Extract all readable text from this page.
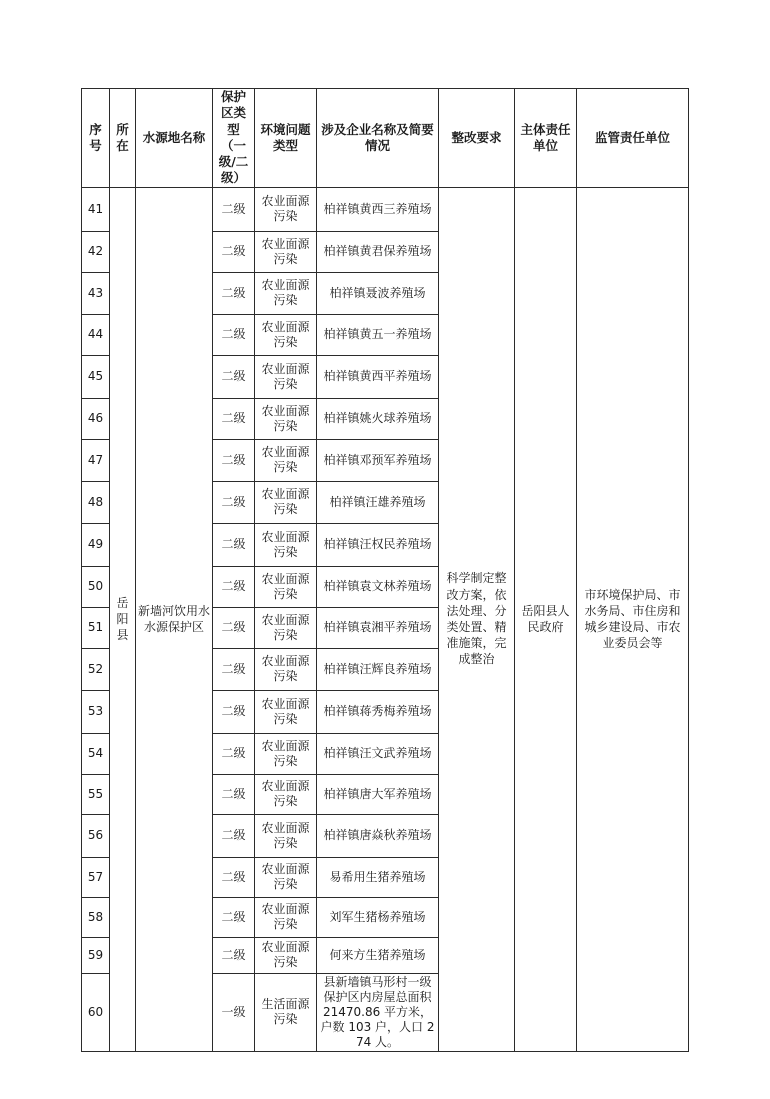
序号	所在	水源地名称	保护区类型（一级/二级）	环境问题类型	涉及企业名称及简要情况	整改要求	主体责任单位	监管责任单位
41	岳阳县	新墙河饮用水水源保护区	二级	农业面源污染	柏祥镇黄西三养殖场	科学制定整改方案，依法处理、分类处置、精准施策，完成整治	岳阳县人民政府	市环境保护局、市水务局、市住房和城乡建设局、市农业委员会等
42			二级	农业面源污染	柏祥镇黄君保养殖场			
43			二级	农业面源污染	柏祥镇聂波养殖场			
44			二级	农业面源污染	柏祥镇黄五一养殖场			
45			二级	农业面源污染	柏祥镇黄西平养殖场			
46			二级	农业面源污染	柏祥镇姚火球养殖场			
47			二级	农业面源污染	柏祥镇邓预军养殖场			
48			二级	农业面源污染	柏祥镇汪雄养殖场			
49			二级	农业面源污染	柏祥镇汪权民养殖场			
50			二级	农业面源污染	柏祥镇袁文林养殖场			
51			二级	农业面源污染	柏祥镇袁湘平养殖场			
52			二级	农业面源污染	柏祥镇汪辉良养殖场			
53			二级	农业面源污染	柏祥镇蒋秀梅养殖场			
54			二级	农业面源污染	柏祥镇汪文武养殖场			
55			二级	农业面源污染	柏祥镇唐大军养殖场			
56			二级	农业面源污染	柏祥镇唐焱秋养殖场			
57			二级	农业面源污染	易希用生猪养殖场			
58			二级	农业面源污染	刘军生猪杨养殖场			
59			二级	农业面源污染	何来方生猪养殖场			
60			一级	生活面源污染	县新墙镇马形村一级保护区内房屋总面积 21470.86 平方米，户数 103 户，人口 274 人。			
